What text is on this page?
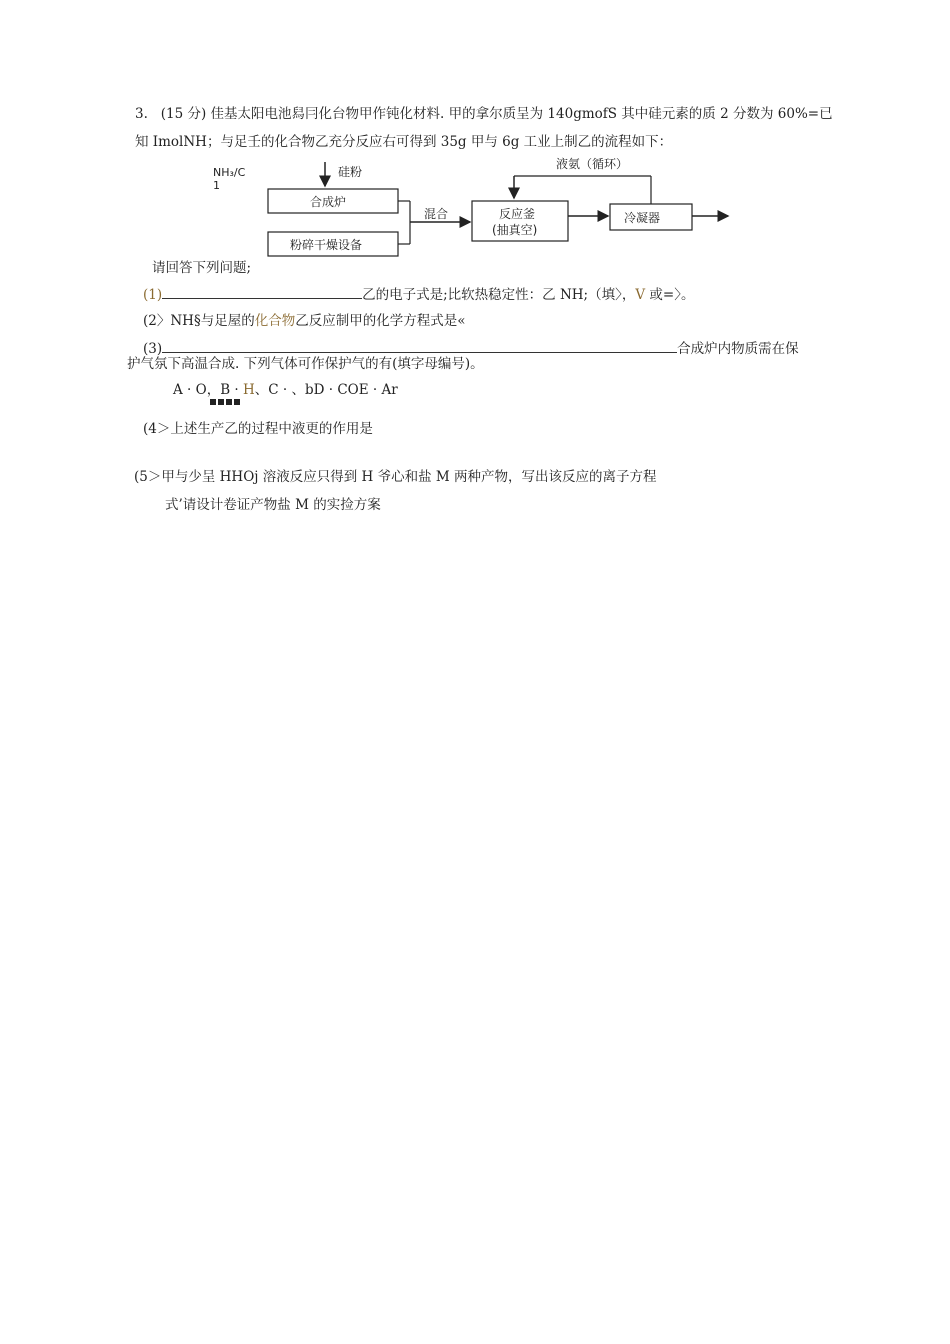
3. (15 分) 佳基太阳电池舄冃化台物甲作钝化材料. 甲的拿尔质呈为 140gmofS 其中硅元素的质 2 分数为 60%=已
知 ImolNH；与足壬的化合物乙充分反应右可得到 35g 甲与 6g 工业上制乙的流程如下：
NH₃/C
1
硅粉
合成炉
粉碎干燥设备
混合	反应釜
(抽真空)
冷凝器
液氨（循环）
请回答下列问题;
(1)	乙的电子式是;比软热稳定性：乙 NH;（填〉，V 或=〉。
(2〉NH§与足屋的化合物乙反应制甲的化学方程式是«
(3)	合成炉内物质需在保
护气氛下高温合成. 下列气体可作保护气的有(填字母编号)。
A · O，B · H、C · 、bD · COE · Ar
(4＞上述生产乙的过程中液更的作用是
(5＞甲与少呈 HHOj 溶液反应只得到 H 爷心和盐 M 两种产物，写出该反应的离子方程
式’请设计卷证产物盐 M 的实捡方案
